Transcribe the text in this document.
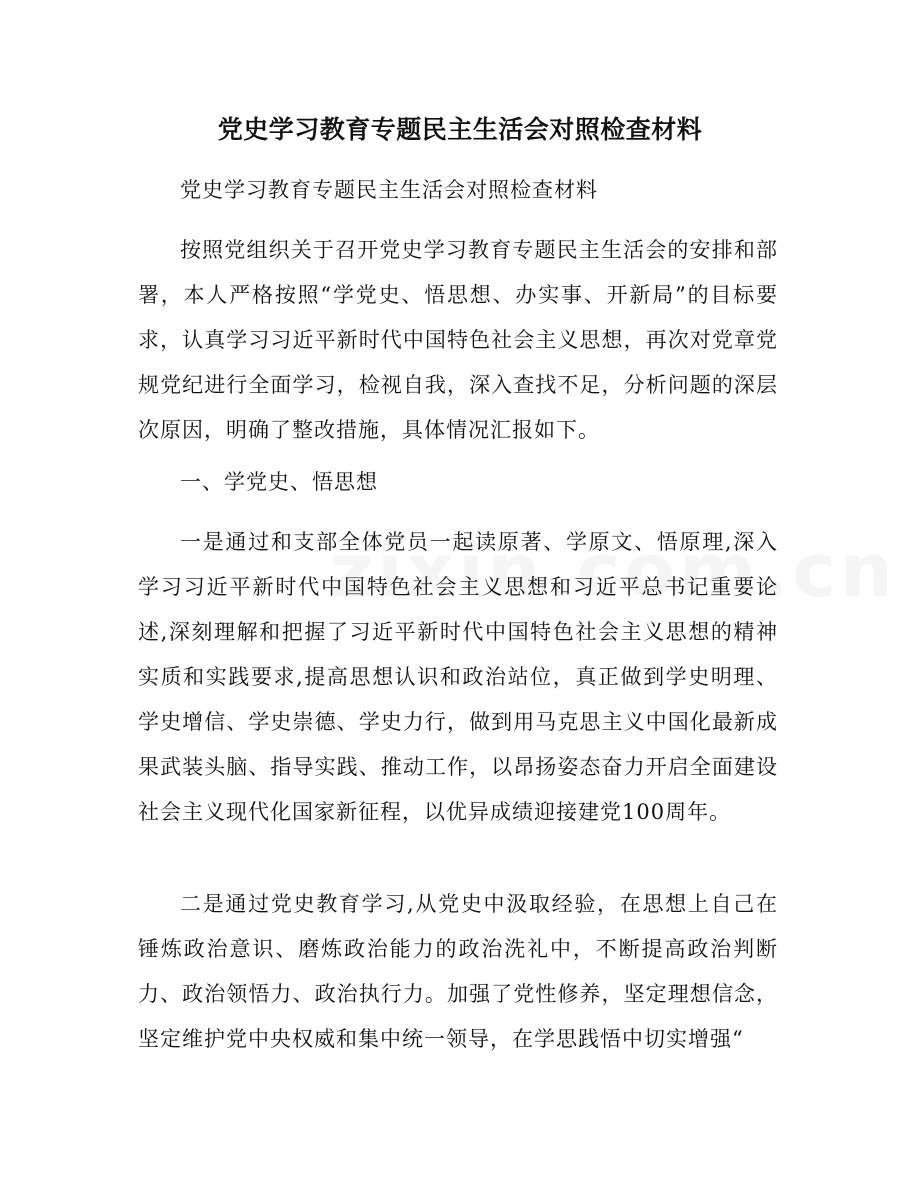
党史学习教育专题民主生活会对照检查材料
党史学习教育专题民主生活会对照检查材料
按照党组织关于召开党史学习教育专题民主生活会的安排和部署，本人严格按照“学党史、悟思想、办实事、开新局”的目标要求，认真学习习近平新时代中国特色社会主义思想，再次对党章党规党纪进行全面学习，检视自我，深入查找不足，分析问题的深层次原因，明确了整改措施，具体情况汇报如下。
一、学党史、悟思想
一是通过和支部全体党员一起读原著、学原文、悟原理,深入学习习近平新时代中国特色社会主义思想和习近平总书记重要论述,深刻理解和把握了习近平新时代中国特色社会主义思想的精神实质和实践要求,提高思想认识和政治站位，真正做到学史明理、学史增信、学史崇德、学史力行，做到用马克思主义中国化最新成果武装头脑、指导实践、推动工作，以昂扬姿态奋力开启全面建设社会主义现代化国家新征程，以优异成绩迎接建党100周年。
二是通过党史教育学习,从党史中汲取经验，在思想上自己在锤炼政治意识、磨炼政治能力的政治洗礼中，不断提高政治判断力、政治领悟力、政治执行力。加强了党性修养，坚定理想信念，坚定维护党中央权威和集中统一领导，在学思践悟中切实增强“
